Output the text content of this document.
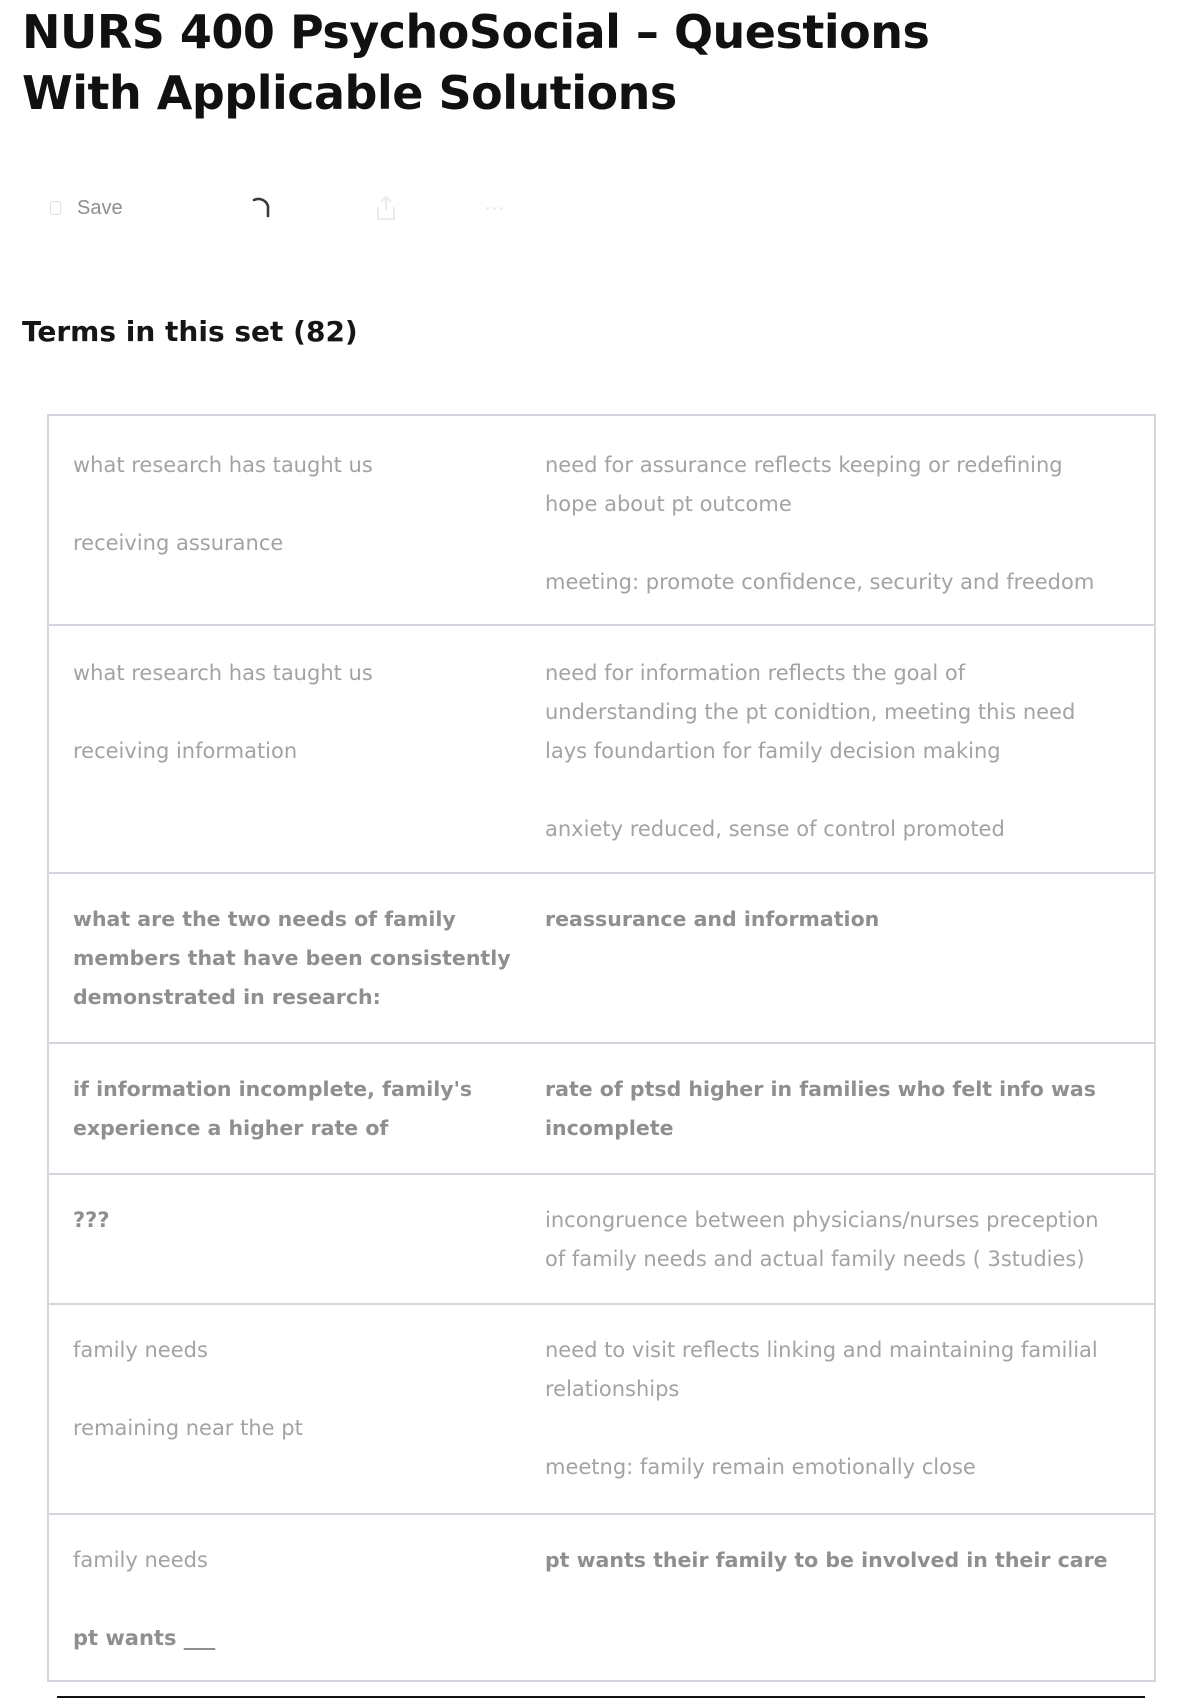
NURS 400 PsychoSocial – Questions With Applicable Solutions
Save
Terms in this set (82)
what research has taught us
receiving assurance
need for assurance reflects keeping or redefining
hope about pt outcome
meeting: promote confidence, security and freedom
what research has taught us
receiving information
need for information reflects the goal of
understanding the pt conidtion, meeting this need
lays foundartion for family decision making
anxiety reduced, sense of control promoted
what are the two needs of family
members that have been consistently
demonstrated in research:
reassurance and information
if information incomplete, family's
experience a higher rate of
rate of ptsd higher in families who felt info was
incomplete
???	incongruence between physicians/nurses preception
of family needs and actual family needs ( 3studies)
family needs
remaining near the pt
need to visit reflects linking and maintaining familial
relationships
meetng: family remain emotionally close
family needs
pt wants ___
pt wants their family to be involved in their care
